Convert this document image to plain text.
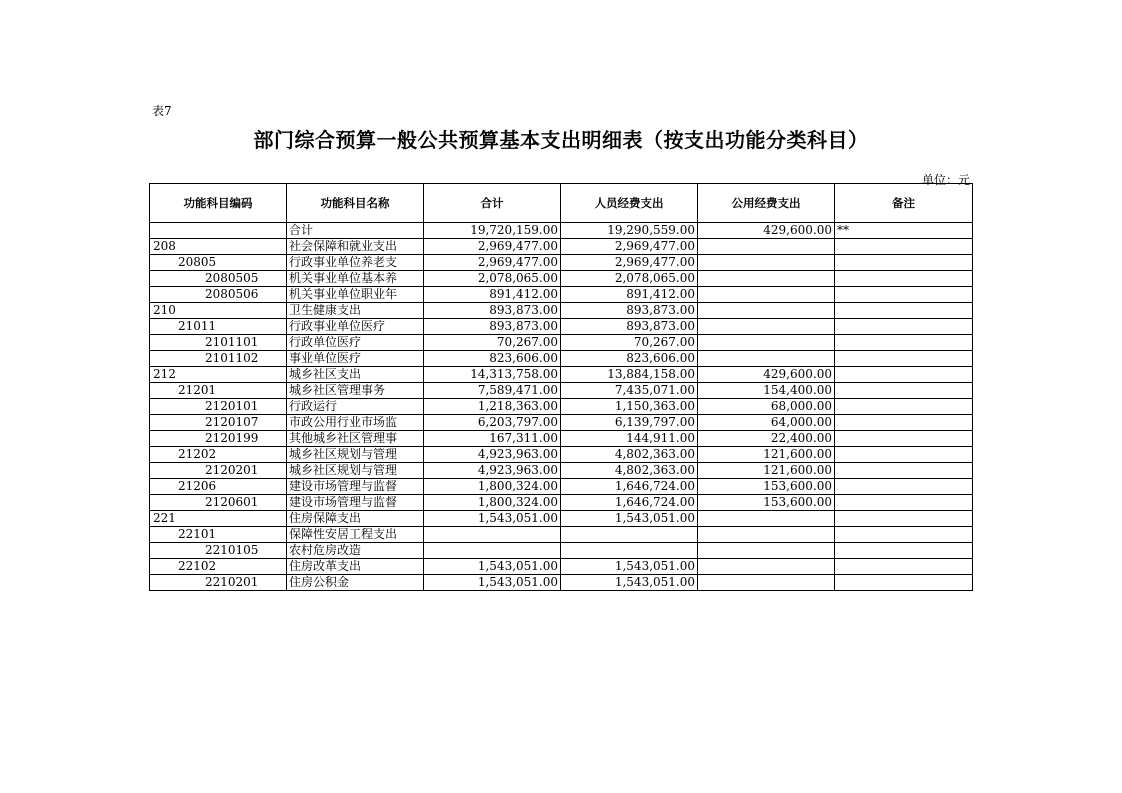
表7
部门综合预算一般公共预算基本支出明细表（按支出功能分类科目）
单位：元
功能科目编码	功能科目名称	合计	人员经费支出	公用经费支出	备注
	合计	19,720,159.00	19,290,559.00	429,600.00	**
208	社会保障和就业支出	2,969,477.00	2,969,477.00		
20805	行政事业单位养老支	2,969,477.00	2,969,477.00		
2080505	机关事业单位基本养	2,078,065.00	2,078,065.00		
2080506	机关事业单位职业年	891,412.00	891,412.00		
210	卫生健康支出	893,873.00	893,873.00		
21011	行政事业单位医疗	893,873.00	893,873.00		
2101101	行政单位医疗	70,267.00	70,267.00		
2101102	事业单位医疗	823,606.00	823,606.00		
212	城乡社区支出	14,313,758.00	13,884,158.00	429,600.00	
21201	城乡社区管理事务	7,589,471.00	7,435,071.00	154,400.00	
2120101	行政运行	1,218,363.00	1,150,363.00	68,000.00	
2120107	市政公用行业市场监	6,203,797.00	6,139,797.00	64,000.00	
2120199	其他城乡社区管理事	167,311.00	144,911.00	22,400.00	
21202	城乡社区规划与管理	4,923,963.00	4,802,363.00	121,600.00	
2120201	城乡社区规划与管理	4,923,963.00	4,802,363.00	121,600.00	
21206	建设市场管理与监督	1,800,324.00	1,646,724.00	153,600.00	
2120601	建设市场管理与监督	1,800,324.00	1,646,724.00	153,600.00	
221	住房保障支出	1,543,051.00	1,543,051.00		
22101	保障性安居工程支出				
2210105	农村危房改造				
22102	住房改革支出	1,543,051.00	1,543,051.00		
2210201	住房公积金	1,543,051.00	1,543,051.00		
